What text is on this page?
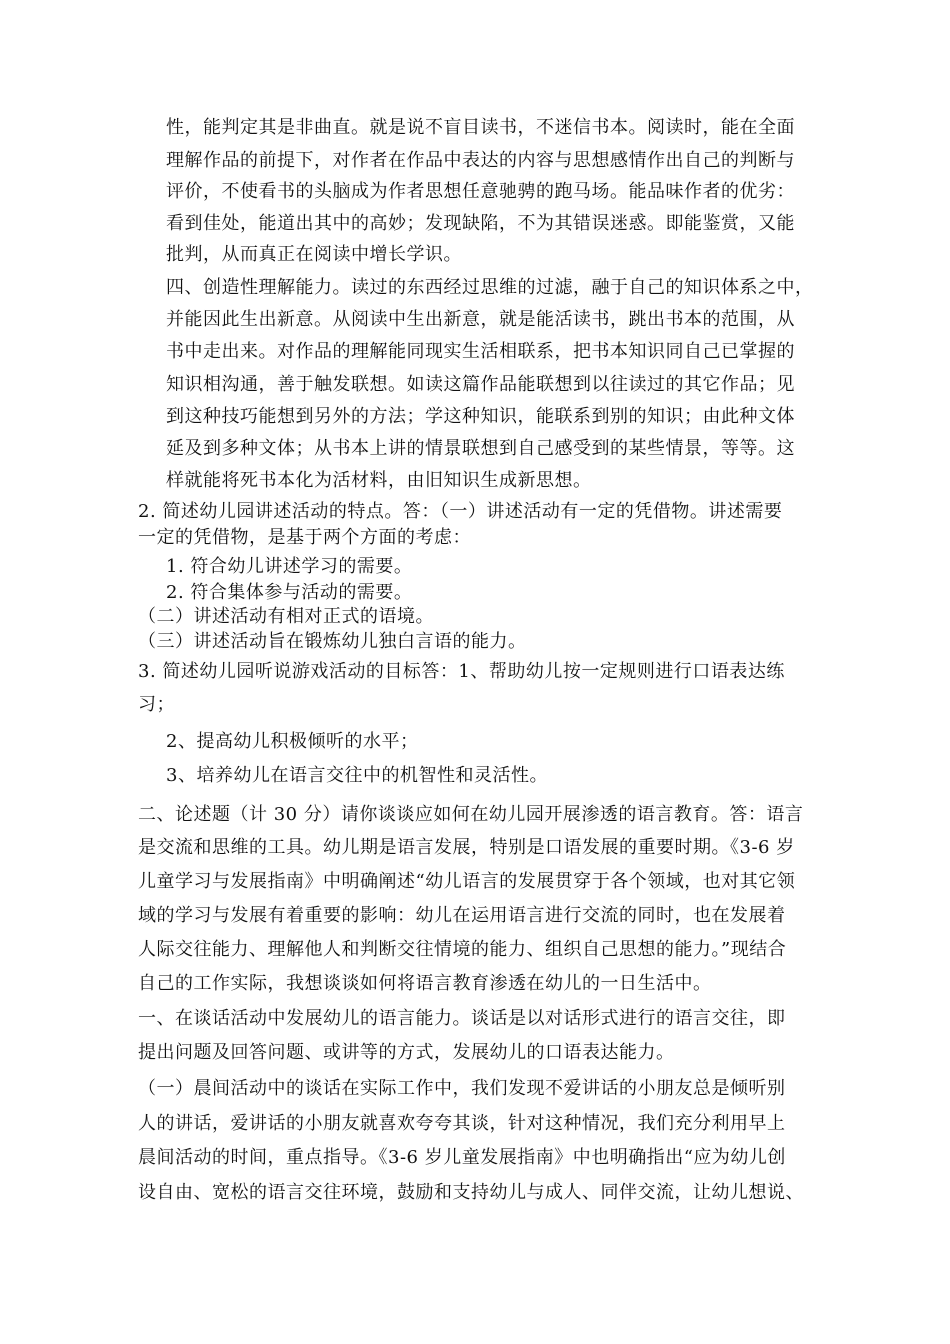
性，能判定其是非曲直。就是说不盲目读书，不迷信书本。阅读时，能在全面
理解作品的前提下，对作者在作品中表达的内容与思想感情作出自己的判断与
评价，不使看书的头脑成为作者思想任意驰骋的跑马场。能品味作者的优劣：
看到佳处，能道出其中的高妙；发现缺陷，不为其错误迷惑。即能鉴赏，又能
批判，从而真正在阅读中增长学识。
四、创造性理解能力。读过的东西经过思维的过滤，融于自己的知识体系之中，
并能因此生出新意。从阅读中生出新意，就是能活读书，跳出书本的范围，从
书中走出来。对作品的理解能同现实生活相联系，把书本知识同自己已掌握的
知识相沟通，善于触发联想。如读这篇作品能联想到以往读过的其它作品；见
到这种技巧能想到另外的方法；学这种知识，能联系到别的知识；由此种文体
延及到多种文体；从书本上讲的情景联想到自己感受到的某些情景，等等。这
样就能将死书本化为活材料，由旧知识生成新思想。
2. 简述幼儿园讲述活动的特点。答：（一）讲述活动有一定的凭借物。讲述需要
一定的凭借物，是基于两个方面的考虑：
1. 符合幼儿讲述学习的需要。
2. 符合集体参与活动的需要。
（二）讲述活动有相对正式的语境。
（三）讲述活动旨在锻炼幼儿独白言语的能力。
3. 简述幼儿园听说游戏活动的目标答：1、帮助幼儿按一定规则进行口语表达练
习；
2、提高幼儿积极倾听的水平；
3、培养幼儿在语言交往中的机智性和灵活性。
二、论述题（计 30 分）请你谈谈应如何在幼儿园开展渗透的语言教育。答：语言
是交流和思维的工具。幼儿期是语言发展，特别是口语发展的重要时期。《3-6 岁
儿童学习与发展指南》中明确阐述“幼儿语言的发展贯穿于各个领域，也对其它领
域的学习与发展有着重要的影响：幼儿在运用语言进行交流的同时，也在发展着
人际交往能力、理解他人和判断交往情境的能力、组织自己思想的能力。”现结合
自己的工作实际，我想谈谈如何将语言教育渗透在幼儿的一日生活中。
一、在谈话活动中发展幼儿的语言能力。谈话是以对话形式进行的语言交往，即
提出问题及回答问题、或讲等的方式，发展幼儿的口语表达能力。
（一）晨间活动中的谈话在实际工作中，我们发现不爱讲话的小朋友总是倾听别
人的讲话，爱讲话的小朋友就喜欢夸夸其谈，针对这种情况，我们充分利用早上
晨间活动的时间，重点指导。《3-6 岁儿童发展指南》中也明确指出“应为幼儿创
设自由、宽松的语言交往环境，鼓励和支持幼儿与成人、同伴交流，让幼儿想说、
